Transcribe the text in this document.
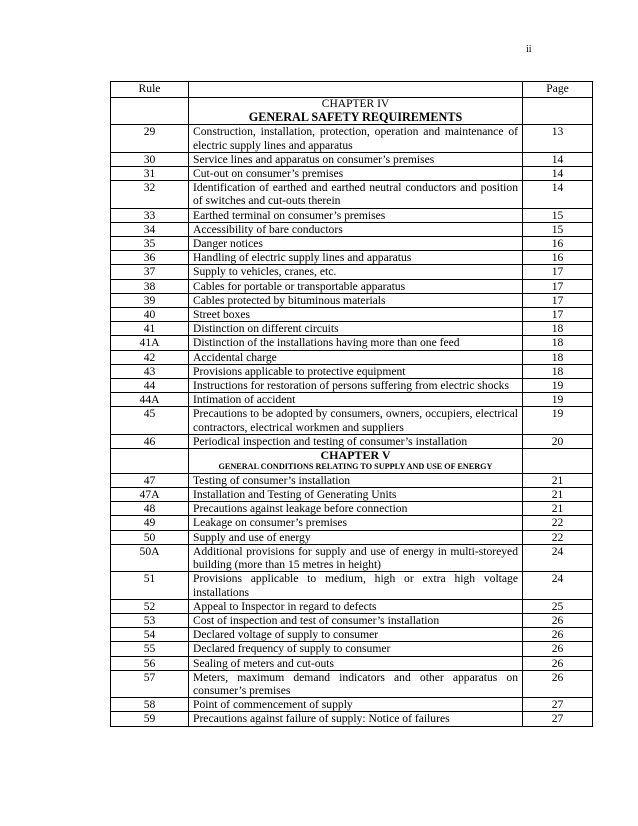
ii
Rule		Page

	CHAPTER IV
GENERAL SAFETY REQUIREMENTS	

29	Construction, installation, protection, operation and maintenance of electric supply lines and apparatus	13
30	Service lines and apparatus on consumer’s premises	14
31	Cut-out on consumer’s premises	14
32	Identification of earthed and earthed neutral conductors and position of switches and cut-outs therein	14
33	Earthed terminal on consumer’s premises	15
34	Accessibility of bare conductors	15
35	Danger notices	16
36	Handling of electric supply lines and apparatus	16
37	Supply to vehicles, cranes, etc.	17
38	Cables for portable or transportable apparatus	17
39	Cables protected by bituminous materials	17
40	Street boxes	17
41	Distinction on different circuits	18
41A	Distinction of the installations having more than one feed	18
42	Accidental charge	18
43	Provisions applicable to protective equipment	18
44	Instructions for restoration of persons suffering from electric shocks	19
44A	Intimation of accident	19
45	Precautions to be adopted by consumers, owners, occupiers, electrical contractors, electrical workmen and suppliers	19
46	Periodical inspection and testing of consumer’s installation	20

	CHAPTER V
GENERAL CONDITIONS RELATING TO SUPPLY AND USE OF ENERGY	

47	Testing of consumer’s installation	21
47A	Installation and Testing of Generating Units	21
48	Precautions against leakage before connection	21
49	Leakage on consumer’s premises	22
50	Supply and use of energy	22
50A	Additional provisions for supply and use of energy in multi-storeyed building (more than 15 metres in height)	24
51	Provisions applicable to medium, high or extra high voltage installations	24
52	Appeal to Inspector in regard to defects	25
53	Cost of inspection and test of consumer’s installation	26
54	Declared voltage of supply to consumer	26
55	Declared frequency of supply to consumer	26
56	Sealing of meters and cut-outs	26
57	Meters, maximum demand indicators and other apparatus on consumer’s premises	26
58	Point of commencement of supply	27
59	Precautions against failure of supply: Notice of failures	27
